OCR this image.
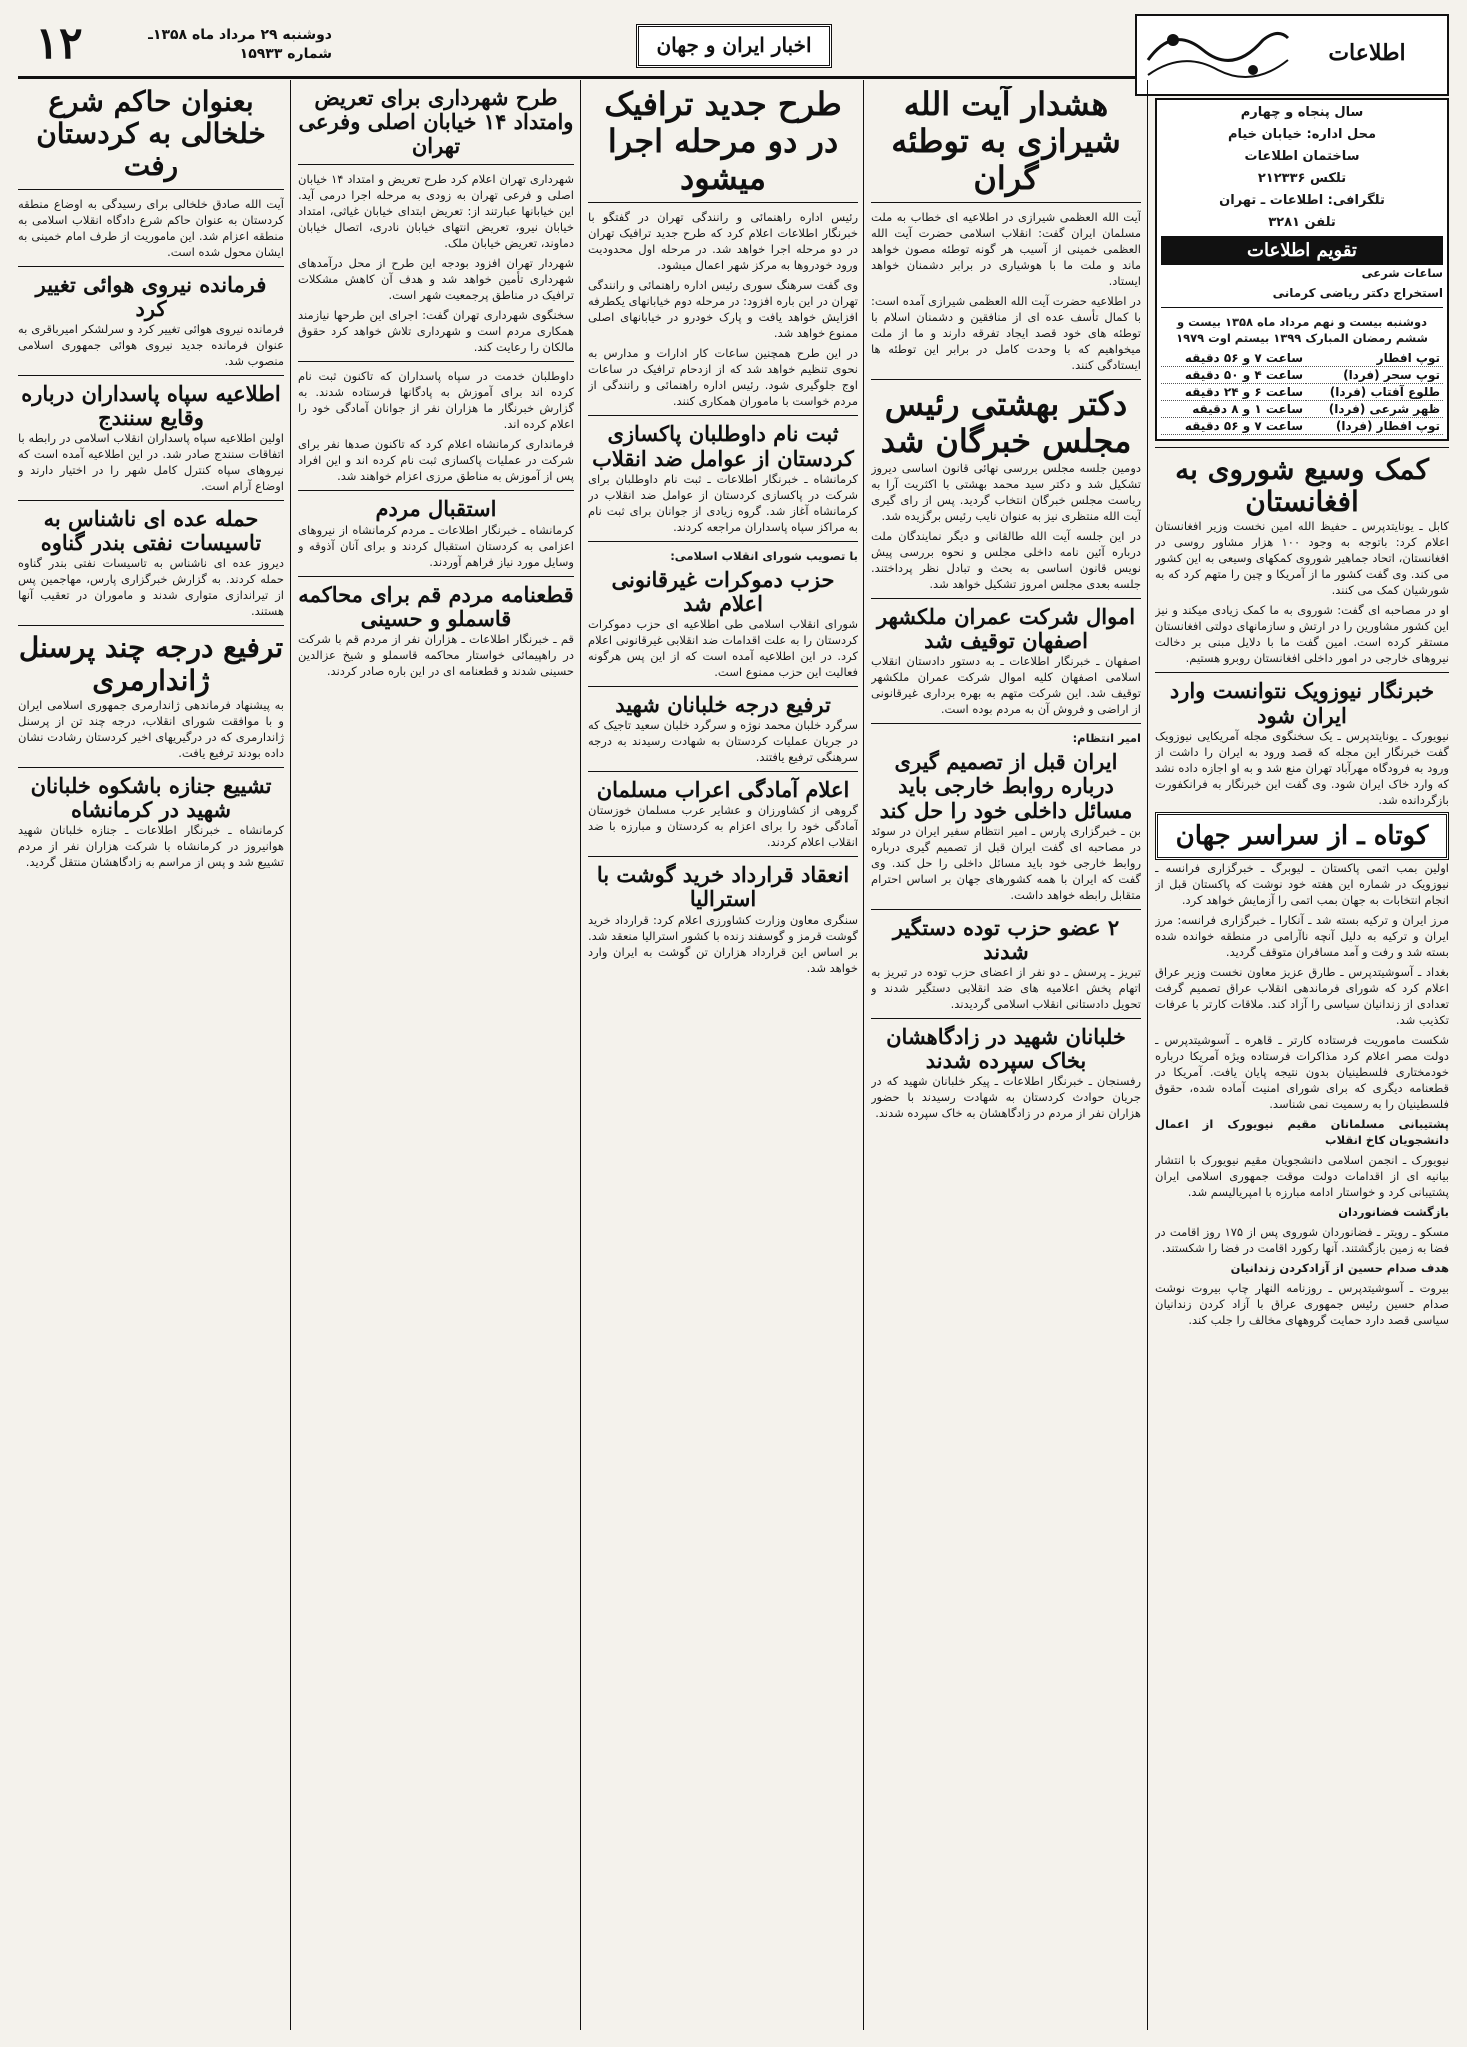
۱۲	دوشنبه ۲۹ مرداد ماه ۱۳۵۸ـ شماره ۱۵۹۳۳	اخبار ایران و جهان	اطلاعات

سال پنجاه و چهارم

محل اداره: خیابان خیام

ساختمان اطلاعات

تلکس ۲۱۲۳۳۶

تلگرافی: اطلاعات ـ تهران

تلفن ۳۲۸۱

تقویم اطلاعات

ساعات شرعی

استخراج دکتر ریاضی کرمانی

دوشنبه بیست و نهم مرداد ماه ۱۳۵۸ بیست و ششم رمضان المبارک ۱۳۹۹ بیستم اوت ۱۹۷۹

توپ افطار	ساعت ۷ و ۵۶ دقیقه
توپ سحر (فردا)	ساعت ۴ و ۵۰ دقیقه
طلوع آفتاب (فردا)	ساعت ۶ و ۲۴ دقیقه
ظهر شرعی (فردا)	ساعت ۱ و ۸ دقیقه
توپ افطار (فردا)	ساعت ۷ و ۵۶ دقیقه
کمک وسیع شوروی به افغانستان

کابل ـ یونایتدپرس ـ حفیظ الله امین نخست وزیر افغانستان اعلام کرد: باتوجه به وجود ۱۰۰ هزار مشاور روسی در افغانستان، اتحاد جماهیر شوروی کمکهای وسیعی به این کشور می کند. وی گفت کشور ما از آمریکا و چین را متهم کرد که به شورشیان کمک می کنند.

او در مصاحبه ای گفت: شوروی به ما کمک زیادی میکند و نیز این کشور مشاورین را در ارتش و سازمانهای دولتی افغانستان مستقر کرده است. امین گفت ما با دلایل مبنی بر دخالت نیروهای خارجی در امور داخلی افغانستان روبرو هستیم.

خبرنگار نیوزویک نتوانست وارد ایران شود

نیویورک ـ یونایتدپرس ـ یک سخنگوی مجله آمریکایی نیوزویک گفت خبرنگار این مجله که قصد ورود به ایران را داشت از ورود به فرودگاه مهرآباد تهران منع شد و به او اجازه داده نشد که وارد خاک ایران شود. وی گفت این خبرنگار به فرانکفورت بازگردانده شد.

کوتاه ـ از سراسر جهان

اولین بمب اتمی پاکستان ـ لیوبرگ ـ خبرگزاری فرانسه ـ نیوزویک در شماره این هفته خود نوشت که پاکستان قبل از انجام انتخابات به جهان بمب اتمی را آزمایش خواهد کرد.

مرز ایران و ترکیه بسته شد ـ آنکارا ـ خبرگزاری فرانسه: مرز ایران و ترکیه به دلیل آنچه ناآرامی در منطقه خوانده شده بسته شد و رفت و آمد مسافران متوقف گردید.

بغداد ـ آسوشیتدپرس ـ طارق عزیز معاون نخست وزیر عراق اعلام کرد که شورای فرماندهی انقلاب عراق تصمیم گرفت تعدادی از زندانیان سیاسی را آزاد کند. ملاقات کارتر با عرفات تکذیب شد.

شکست ماموریت فرستاده کارتر ـ قاهره ـ آسوشیتدپرس ـ دولت مصر اعلام کرد مذاکرات فرستاده ویژه آمریکا درباره خودمختاری فلسطینیان بدون نتیجه پایان یافت. آمریکا در قطعنامه دیگری که برای شورای امنیت آماده شده، حقوق فلسطینیان را به رسمیت نمی شناسد.

پشتیبانی مسلمانان مقیم نیویورک از اعمال دانشجویان کاخ انقلاب

نیویورک ـ انجمن اسلامی دانشجویان مقیم نیویورک با انتشار بیانیه ای از اقدامات دولت موقت جمهوری اسلامی ایران پشتیبانی کرد و خواستار ادامه مبارزه با امپریالیسم شد.

بازگشت فضانوردان

مسکو ـ رویتر ـ فضانوردان شوروی پس از ۱۷۵ روز اقامت در فضا به زمین بازگشتند. آنها رکورد اقامت در فضا را شکستند.

هدف صدام حسین از آزادکردن زندانیان

بیروت ـ آسوشیتدپرس ـ روزنامه النهار چاپ بیروت نوشت صدام حسین رئیس جمهوری عراق با آزاد کردن زندانیان سیاسی قصد دارد حمایت گروههای مخالف را جلب کند.

هشدار آیت الله شیرازی به توطئه گران

آیت الله العظمی شیرازی در اطلاعیه ای خطاب به ملت مسلمان ایران گفت: انقلاب اسلامی حضرت آیت الله العظمی خمینی از آسیب هر گونه توطئه مصون خواهد ماند و ملت ما با هوشیاری در برابر دشمنان خواهد ایستاد.

در اطلاعیه حضرت آیت الله العظمی شیرازی آمده است: با کمال تأسف عده ای از منافقین و دشمنان اسلام با توطئه های خود قصد ایجاد تفرقه دارند و ما از ملت میخواهیم که با وحدت کامل در برابر این توطئه ها ایستادگی کنند.

دکتر بهشتی رئیس مجلس خبرگان شد

دومین جلسه مجلس بررسی نهائی قانون اساسی دیروز تشکیل شد و دکتر سید محمد بهشتی با اکثریت آرا به ریاست مجلس خبرگان انتخاب گردید. پس از رای گیری آیت الله منتظری نیز به عنوان نایب رئیس برگزیده شد.

در این جلسه آیت الله طالقانی و دیگر نمایندگان ملت درباره آئین نامه داخلی مجلس و نحوه بررسی پیش نویس قانون اساسی به بحث و تبادل نظر پرداختند. جلسه بعدی مجلس امروز تشکیل خواهد شد.

اموال شرکت عمران ملکشهر اصفهان توقیف شد

اصفهان ـ خبرنگار اطلاعات ـ به دستور دادستان انقلاب اسلامی اصفهان کلیه اموال شرکت عمران ملکشهر توقیف شد. این شرکت متهم به بهره برداری غیرقانونی از اراضی و فروش آن به مردم بوده است.

امیر انتظام:

ایران قبل از تصمیم گیری درباره روابط خارجی باید مسائل داخلی خود را حل کند

بن ـ خبرگزاری پارس ـ امیر انتظام سفیر ایران در سوئد در مصاحبه ای گفت ایران قبل از تصمیم گیری درباره روابط خارجی خود باید مسائل داخلی را حل کند. وی گفت که ایران با همه کشورهای جهان بر اساس احترام متقابل رابطه خواهد داشت.

۲ عضو حزب توده دستگیر شدند

تبریز ـ پرسش ـ دو نفر از اعضای حزب توده در تبریز به اتهام پخش اعلامیه های ضد انقلابی دستگیر شدند و تحویل دادستانی انقلاب اسلامی گردیدند.

خلبانان شهید در زادگاهشان بخاک سپرده شدند

رفسنجان ـ خبرنگار اطلاعات ـ پیکر خلبانان شهید که در جریان حوادث کردستان به شهادت رسیدند با حضور هزاران نفر از مردم در زادگاهشان به خاک سپرده شدند.

طرح جدید ترافیک در دو مرحله اجرا میشود

رئیس اداره راهنمائی و رانندگی تهران در گفتگو با خبرنگار اطلاعات اعلام کرد که طرح جدید ترافیک تهران در دو مرحله اجرا خواهد شد. در مرحله اول محدودیت ورود خودروها به مرکز شهر اعمال میشود.

وی گفت سرهنگ سوری رئیس اداره راهنمائی و رانندگی تهران در این باره افزود: در مرحله دوم خیابانهای یکطرفه افزایش خواهد یافت و پارک خودرو در خیابانهای اصلی ممنوع خواهد شد.

در این طرح همچنین ساعات کار ادارات و مدارس به نحوی تنظیم خواهد شد که از ازدحام ترافیک در ساعات اوج جلوگیری شود. رئیس اداره راهنمائی و رانندگی از مردم خواست با ماموران همکاری کنند.

ثبت نام داوطلبان پاکسازی کردستان از عوامل ضد انقلاب

کرمانشاه ـ خبرنگار اطلاعات ـ ثبت نام داوطلبان برای شرکت در پاکسازی کردستان از عوامل ضد انقلاب در کرمانشاه آغاز شد. گروه زیادی از جوانان برای ثبت نام به مراکز سپاه پاسداران مراجعه کردند.

با تصویب شورای انقلاب اسلامی:

حزب دموکرات غیرقانونی اعلام شد

شورای انقلاب اسلامی طی اطلاعیه ای حزب دموکرات کردستان را به علت اقدامات ضد انقلابی غیرقانونی اعلام کرد. در این اطلاعیه آمده است که از این پس هرگونه فعالیت این حزب ممنوع است.

ترفیع درجه خلبانان شهید

سرگرد خلبان محمد نوژه و سرگرد خلبان سعید تاجیک که در جریان عملیات کردستان به شهادت رسیدند به درجه سرهنگی ترفیع یافتند.

اعلام آمادگی اعراب مسلمان

گروهی از کشاورزان و عشایر عرب مسلمان خوزستان آمادگی خود را برای اعزام به کردستان و مبارزه با ضد انقلاب اعلام کردند.

انعقاد قرارداد خرید گوشت با استرالیا

سنگری معاون وزارت کشاورزی اعلام کرد: قرارداد خرید گوشت قرمز و گوسفند زنده با کشور استرالیا منعقد شد. بر اساس این قرارداد هزاران تن گوشت به ایران وارد خواهد شد.

طرح شهرداری برای تعریض وامتداد ۱۴ خیابان اصلی وفرعی تهران

شهرداری تهران اعلام کرد طرح تعریض و امتداد ۱۴ خیابان اصلی و فرعی تهران به زودی به مرحله اجرا درمی آید. این خیابانها عبارتند از: تعریض ابتدای خیابان غیاثی، امتداد خیابان نیرو، تعریض انتهای خیابان نادری، اتصال خیابان دماوند، تعریض خیابان ملک.

شهردار تهران افزود بودجه این طرح از محل درآمدهای شهرداری تأمین خواهد شد و هدف آن کاهش مشکلات ترافیک در مناطق پرجمعیت شهر است.

سخنگوی شهرداری تهران گفت: اجرای این طرحها نیازمند همکاری مردم است و شهرداری تلاش خواهد کرد حقوق مالکان را رعایت کند.

داوطلبان خدمت در سپاه پاسداران که تاکنون ثبت نام کرده اند برای آموزش به پادگانها فرستاده شدند. به گزارش خبرنگار ما هزاران نفر از جوانان آمادگی خود را اعلام کرده اند.

فرمانداری کرمانشاه اعلام کرد که تاکنون صدها نفر برای شرکت در عملیات پاکسازی ثبت نام کرده اند و این افراد پس از آموزش به مناطق مرزی اعزام خواهند شد.

استقبال مردم

کرمانشاه ـ خبرنگار اطلاعات ـ مردم کرمانشاه از نیروهای اعزامی به کردستان استقبال کردند و برای آنان آذوقه و وسایل مورد نیاز فراهم آوردند.

قطعنامه مردم قم برای محاکمه قاسملو و حسینی

قم ـ خبرنگار اطلاعات ـ هزاران نفر از مردم قم با شرکت در راهپیمائی خواستار محاکمه قاسملو و شیخ عزالدین حسینی شدند و قطعنامه ای در این باره صادر کردند.

بعنوان حاکم شرع خلخالی به کردستان رفت

آیت الله صادق خلخالی برای رسیدگی به اوضاع منطقه کردستان به عنوان حاکم شرع دادگاه انقلاب اسلامی به منطقه اعزام شد. این ماموریت از طرف امام خمینی به ایشان محول شده است.

فرمانده نیروی هوائی تغییر کرد

فرمانده نیروی هوائی تغییر کرد و سرلشکر امیرباقری به عنوان فرمانده جدید نیروی هوائی جمهوری اسلامی منصوب شد.

اطلاعیه سپاه پاسداران درباره وقایع سنندج

اولین اطلاعیه سپاه پاسداران انقلاب اسلامی در رابطه با اتفاقات سنندج صادر شد. در این اطلاعیه آمده است که نیروهای سپاه کنترل کامل شهر را در اختیار دارند و اوضاع آرام است.

حمله عده ای ناشناس به تاسیسات نفتی بندر گناوه

دیروز عده ای ناشناس به تاسیسات نفتی بندر گناوه حمله کردند. به گزارش خبرگزاری پارس، مهاجمین پس از تیراندازی متواری شدند و ماموران در تعقیب آنها هستند.

ترفیع درجه چند پرسنل ژاندارمری

به پیشنهاد فرماندهی ژاندارمری جمهوری اسلامی ایران و با موافقت شورای انقلاب، درجه چند تن از پرسنل ژاندارمری که در درگیریهای اخیر کردستان رشادت نشان داده بودند ترفیع یافت.

تشییع جنازه باشکوه خلبانان شهید در کرمانشاه

کرمانشاه ـ خبرنگار اطلاعات ـ جنازه خلبانان شهید هوانیروز در کرمانشاه با شرکت هزاران نفر از مردم تشییع شد و پس از مراسم به زادگاهشان منتقل گردید.
